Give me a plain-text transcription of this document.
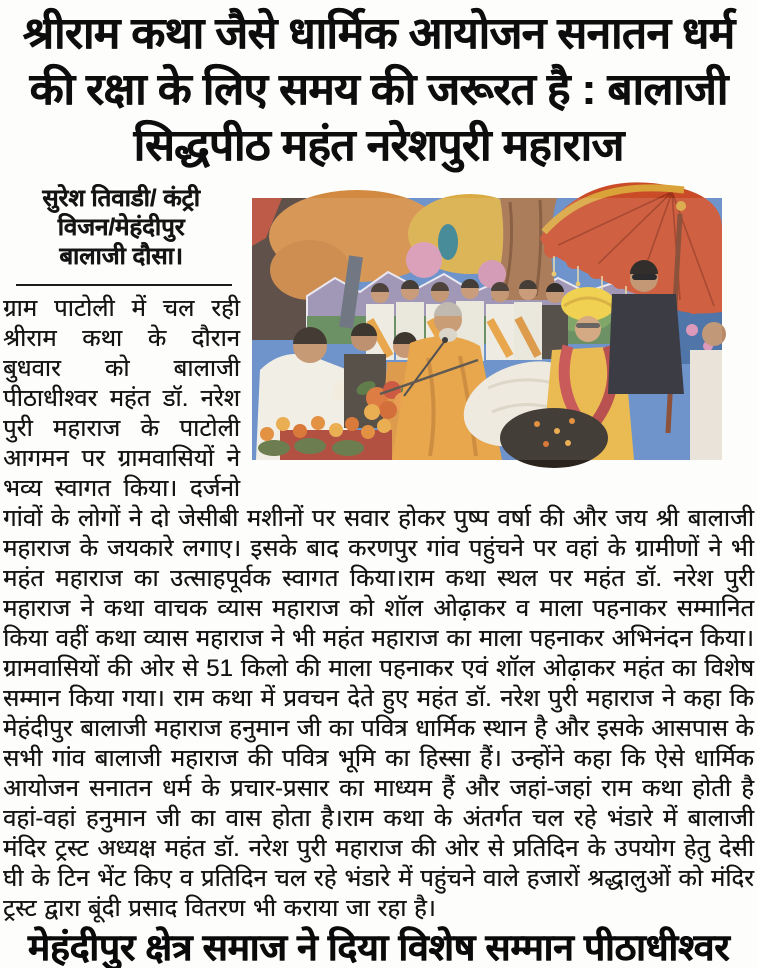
श्रीराम कथा जैसे धार्मिक आयोजन सनातन धर्म
की रक्षा के लिए समय की जरूरत है : बालाजी
सिद्धपीठ महंत नरेशपुरी महाराज
सुरेश तिवाडी/ कंट्री
विजन/मेहंदीपुर
बालाजी दौसा।

ग्राम पाटोली में चल रही श्रीराम कथा के दौरान बुधवार को बालाजी पीठाधीश्वर महंत डॉ. नरेश पुरी महाराज के पाटोली आगमन पर ग्रामवासियों ने भव्य स्वागत किया। दर्जनो गांवों के लोगों ने दो जेसीबी मशीनों पर सवार होकर पुष्प वर्षा की और जय श्री बालाजी महाराज के जयकारे लगाए। इसके बाद करणपुर गांव पहुंचने पर वहां के ग्रामीणों ने भी महंत महाराज का उत्साहपूर्वक स्वागत किया।राम कथा स्थल पर महंत डॉ. नरेश पुरी महाराज ने कथा वाचक व्यास महाराज को शॉल ओढ़ाकर व माला पहनाकर सम्मानित किया वहीं कथा व्यास महाराज ने भी महंत महाराज का माला पहनाकर अभिनंदन किया। ग्रामवासियों की ओर से 51 किलो की माला पहनाकर एवं शॉल ओढ़ाकर महंत का विशेष सम्मान किया गया। राम कथा में प्रवचन देते हुए महंत डॉ. नरेश पुरी महाराज ने कहा कि मेहंदीपुर बालाजी महाराज हनुमान जी का पवित्र धार्मिक स्थान है और इसके आसपास के सभी गांव बालाजी महाराज की पवित्र भूमि का हिस्सा हैं। उन्होंने कहा कि ऐसे धार्मिक आयोजन सनातन धर्म के प्रचार-प्रसार का माध्यम हैं और जहां-जहां राम कथा होती है वहां-वहां हनुमान जी का वास होता है।राम कथा के अंतर्गत चल रहे भंडारे में बालाजी मंदिर ट्रस्ट अध्यक्ष महंत डॉ. नरेश पुरी महाराज की ओर से प्रतिदिन के उपयोग हेतु देसी घी के टिन भेंट किए व प्रतिदिन चल रहे भंडारे में पहुंचने वाले हजारों श्रद्धालुओं को मंदिर ट्रस्ट द्वारा बूंदी प्रसाद वितरण भी कराया जा रहा है।

मेहंदीपुर क्षेत्र समाज ने दिया विशेष सम्मान पीठाधीश्वर
